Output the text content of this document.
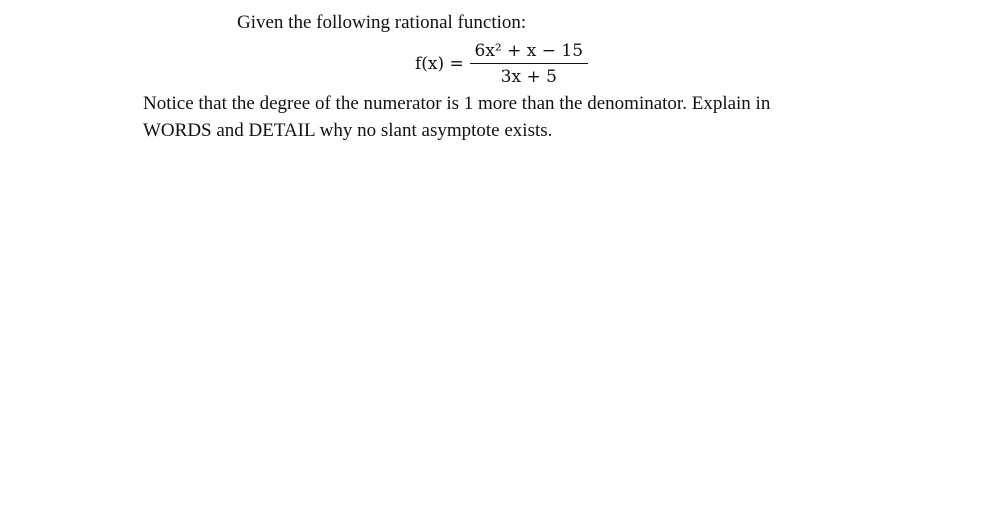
Given the following rational function:
$f(x) = \frac{\text{6x² + x − 15}}{3x + 5}$
Notice that the degree of the numerator is 1 more than the denominator. Explain in WORDS and DETAIL why no slant asymptote exists.
